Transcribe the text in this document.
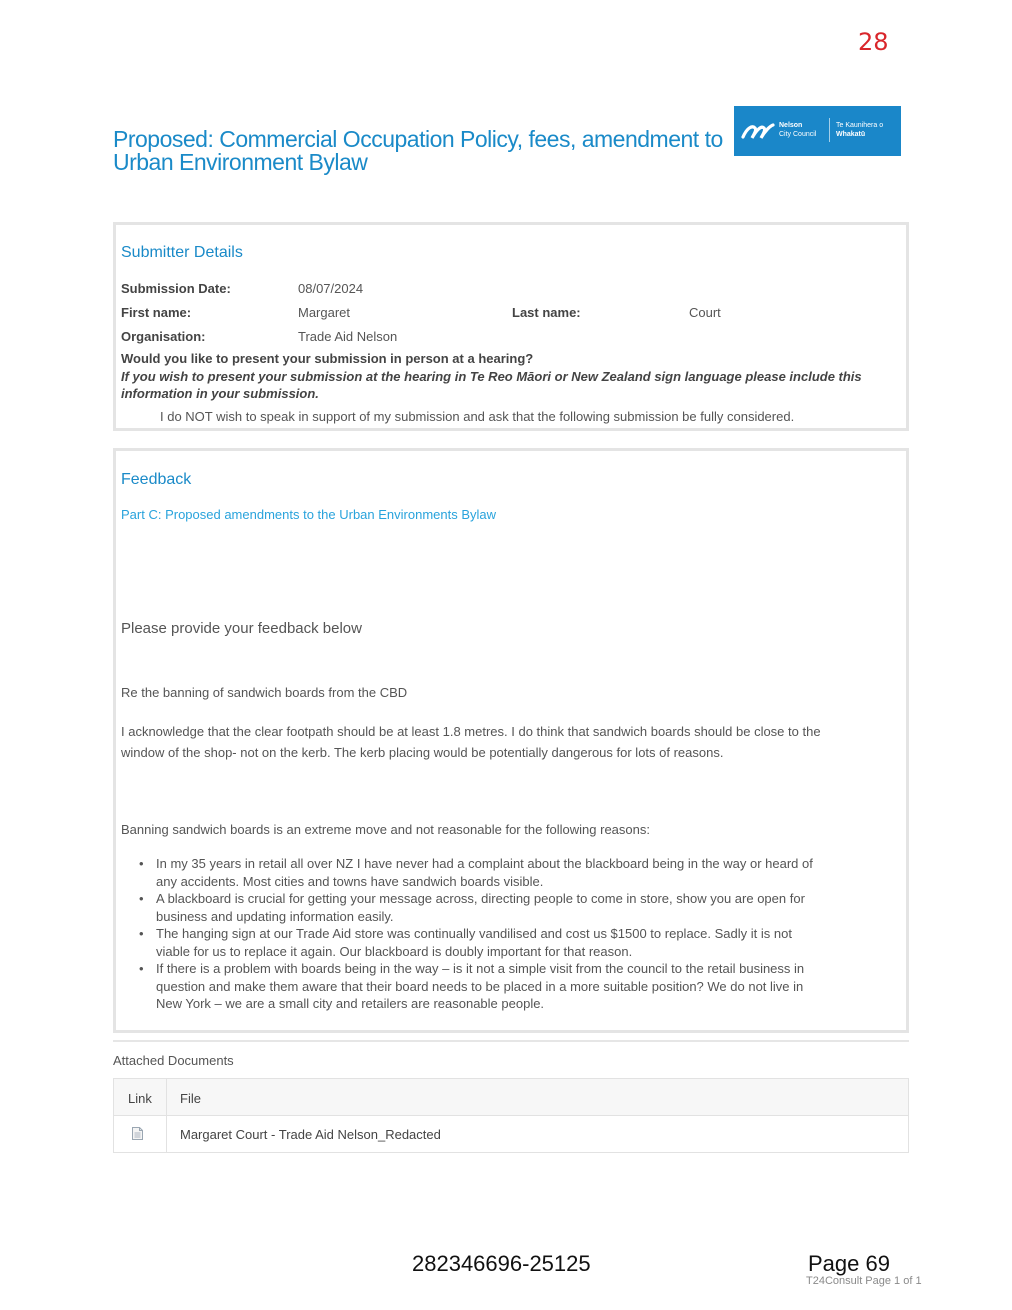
28
Proposed: Commercial Occupation Policy, fees, amendment to Urban Environment Bylaw
Nelson
City Council
Te Kaunihera o
Whakatū
Submitter Details
Submission Date:	08/07/2024
First name:	Margaret	Last name:	Court
Organisation:	Trade Aid Nelson
Would you like to present your submission in person at a hearing?
If you wish to present your submission at the hearing in Te Reo Māori or New Zealand sign language please include this information in your submission.
I do NOT wish to speak in support of my submission and ask that the following submission be fully considered.
Feedback
Part C: Proposed amendments to the Urban Environments Bylaw
Please provide your feedback below
Re the banning of sandwich boards from the CBD
I acknowledge that the clear footpath should be at least 1.8 metres. I do think that sandwich boards should be close to the window of the shop- not on the kerb. The kerb placing would be potentially dangerous for lots of reasons.
Banning sandwich boards is an extreme move and not reasonable for the following reasons:
• In my 35 years in retail all over NZ I have never had a complaint about the blackboard being in the way or heard of any accidents. Most cities and towns have sandwich boards visible.
• A blackboard is crucial for getting your message across, directing people to come in store, show you are open for business and updating information easily.
• The hanging sign at our Trade Aid store was continually vandilised and cost us $1500 to replace. Sadly it is not viable for us to replace it again. Our blackboard is doubly important for that reason.
• If there is a problem with boards being in the way – is it not a simple visit from the council to the retail business in question and make them aware that their board needs to be placed in a more suitable position? We do not live in New York – we are a small city and retailers are reasonable people.
Attached Documents
Link File
Margaret Court - Trade Aid Nelson_Redacted
282346696-25125	Page 69
T24Consult Page 1 of 1
